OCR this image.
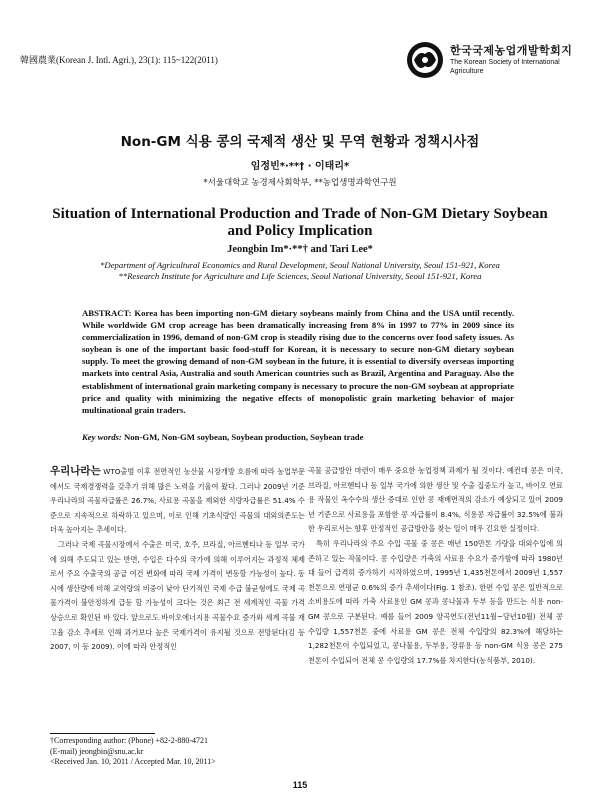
韓國農業(Korean J. Intl. Agri.), 23(1): 115~122(2011)
한국국제농업개발학회지
The Korean Society of International Agriculture
Non-GM 식용 콩의 국제적 생산 및 무역 현황과 정책시사점
임정빈*·**† · 이태리*
*서울대학교 농경제사회학부, **농업생명과학연구원
Situation of International Production and Trade of Non-GM Dietary Soybean
and Policy Implication
Jeongbin Im*·**† and Tari Lee*
*Department of Agricultural Economics and Rural Development, Seoul National University, Seoul 151-921, Korea
**Research Institute for Agriculture and Life Sciences, Seoul National University, Seoul 151-921, Korea
ABSTRACT: Korea has been importing non-GM dietary soybeans mainly from China and the USA until recently. While worldwide GM crop acreage has been dramatically increasing from 8% in 1997 to 77% in 2009 since its commercialization in 1996, demand of non-GM crop is steadily rising due to the concerns over food safety issues. As soybean is one of the important basic food-stuff for Korean, it is necessary to secure non-GM dietary soybean supply. To meet the growing demand of non-GM soybean in the future, it is essential to diversify overseas importing markets into central Asia, Australia and south American countries such as Brazil, Argentina and Paraguay. Also the establishment of international grain marketing company is necessary to procure the non-GM soybean at appropriate price and quality with minimizing the negative effects of monopolistic grain marketing behavior of major multinational grain traders.
Key words: Non-GM, Non-GM soybean, Soybean production, Soybean trade

우리나라는 WTO출범 이후 전면적인 농산물 시장개방 흐름에 따라 농업부문에서도 국제경쟁력을 갖추기 위해 많은 노력을 기울여 왔다. 그러나 2009년 기준 우리나라의 곡물자급률은 26.7%, 사료용 곡물을 제외한 식량자급률은 51.4% 수준으로 지속적으로 하락하고 있으며, 이로 인해 기초식량인 곡물의 대외의존도는 더욱 높아지는 추세이다.

그러나 국제 곡물시장에서 수출은 미국, 호주, 브라질, 아르헨티나 등 일부 국가에 의해 주도되고 있는 반면, 수입은 다수의 국가에 의해 이루어지는 과정적 체제로서 주요 수출국의 공급 여건 변화에 따라 국제 가격이 변동할 가능성이 높다. 동시에 생산량에 비해 교역량의 비중이 낮아 단기적인 국제 수급 불균형에도 국제 곡물가격이 불안정하게 급등 할 가능성이 크다는 것은 최근 전 세계적인 곡물 가격 상승으로 확인된 바 있다. 앞으로도 바이오에너지용 곡물수요 증가와 세계 곡물 재고율 감소 추세로 인해 과거보다 높은 국제가격이 유지될 것으로 전망된다(김 등 2007, 이 등 2009). 이에 따라 안정적인

곡물 공급방안 마련이 매우 중요한 농업정책 과제가 될 것이다. 예컨대 콩은 미국, 브라질, 아르헨티나 등 일부 국가에 의한 생산 및 수출 집중도가 높고, 바이오 연료용 작물인 옥수수의 생산 증대로 인한 콩 재배면적의 감소가 예상되고 있어 2009년 기준으로 사료용을 포함한 콩 자급률이 8.4%, 식용콩 자급률이 32.5%에 불과한 우리로서는 향후 안정적인 공급방안을 찾는 일이 매우 긴요한 실정이다.

특히 우리나라의 주요 수입 곡물 중 콩은 매년 150만톤 가량을 대외수입에 의존하고 있는 작물이다. 콩 수입량은 가축의 사료용 수요가 증가함에 따라 1980년대 들어 급격히 증가하기 시작하였으며, 1995년 1,435천톤에서 2009년 1,557천톤으로 연평균 0.6%의 증가 추세이다(Fig. 1 참조). 한편 수입 콩은 일반적으로 소비용도에 따라 가축 사료용인 GM 콩과 콩나물과 두부 등을 만드는 식용 non-GM 콩으로 구분된다. 예를 들어 2009 양곡연도(전년11월~당년10월) 전체 콩 수입량 1,557천톤 중에 사료용 GM 콩은 전체 수입량의 82.3%에 해당하는 1,282천톤이 수입되었고, 콩나물용, 두부용, 장류용 등 non-GM 식용 콩은 275천톤이 수입되어 전체 콩 수입량의 17.7%를 차지한다(농식품부, 2010).

†Corresponding author: (Phone) +82-2-880-4721
(E-mail) jeongbin@snu.ac.kr
<Received Jan. 10, 2011 / Accepted Mar. 10, 2011>
115
